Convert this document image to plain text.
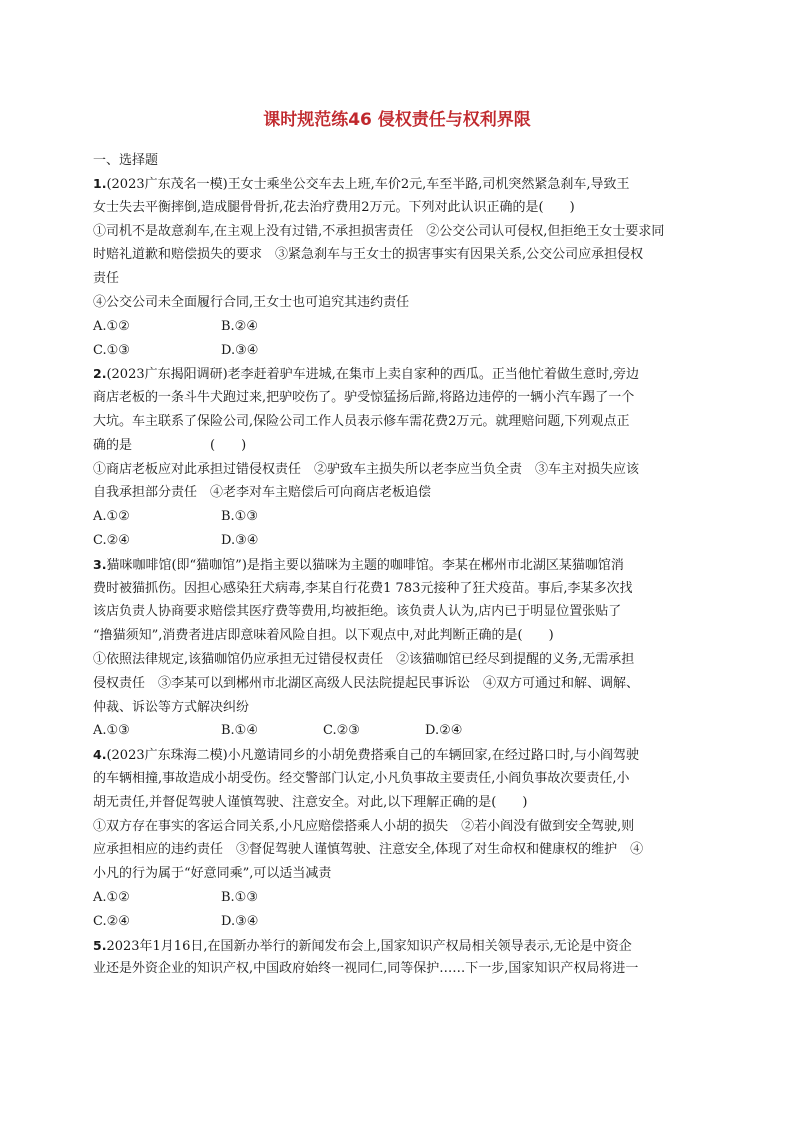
课时规范练46 侵权责任与权利界限
一、选择题
1.(2023广东茂名一模)王女士乘坐公交车去上班,车价2元,车至半路,司机突然紧急刹车,导致王
女士失去平衡摔倒,造成腿骨骨折,花去治疗费用2万元。下列对此认识正确的是(　　)
①司机不是故意刹车,在主观上没有过错,不承担损害责任　②公交公司认可侵权,但拒绝王女士要求同
时赔礼道歉和赔偿损失的要求　③紧急刹车与王女士的损害事实有因果关系,公交公司应承担侵权
责任
④公交公司未全面履行合同,王女士也可追究其违约责任
A.①②	B.②④
C.①③	D.③④
2.(2023广东揭阳调研)老李赶着驴车进城,在集市上卖自家种的西瓜。正当他忙着做生意时,旁边
商店老板的一条斗牛犬跑过来,把驴咬伤了。驴受惊猛扬后蹄,将路边违停的一辆小汽车踢了一个
大坑。车主联系了保险公司,保险公司工作人员表示修车需花费2万元。就理赔问题,下列观点正
确的是　　　　　　(　　)
①商店老板应对此承担过错侵权责任　②驴致车主损失所以老李应当负全责　③车主对损失应该
自我承担部分责任　④老李对车主赔偿后可向商店老板追偿
A.①②	B.①③
C.②④	D.③④
3.猫咪咖啡馆(即“猫咖馆”)是指主要以猫咪为主题的咖啡馆。李某在郴州市北湖区某猫咖馆消
费时被猫抓伤。因担心感染狂犬病毒,李某自行花费1 783元接种了狂犬疫苗。事后,李某多次找
该店负责人协商要求赔偿其医疗费等费用,均被拒绝。该负责人认为,店内已于明显位置张贴了
“撸猫须知”,消费者进店即意味着风险自担。以下观点中,对此判断正确的是(　　)
①依照法律规定,该猫咖馆仍应承担无过错侵权责任　②该猫咖馆已经尽到提醒的义务,无需承担
侵权责任　③李某可以到郴州市北湖区高级人民法院提起民事诉讼　④双方可通过和解、调解、
仲裁、诉讼等方式解决纠纷
A.①③	B.①④	C.②③	D.②④
4.(2023广东珠海二模)小凡邀请同乡的小胡免费搭乘自己的车辆回家,在经过路口时,与小阎驾驶
的车辆相撞,事故造成小胡受伤。经交警部门认定,小凡负事故主要责任,小阎负事故次要责任,小
胡无责任,并督促驾驶人谨慎驾驶、注意安全。对此,以下理解正确的是(　　)
①双方存在事实的客运合同关系,小凡应赔偿搭乘人小胡的损失　②若小阎没有做到安全驾驶,则
应承担相应的违约责任　③督促驾驶人谨慎驾驶、注意安全,体现了对生命权和健康权的维护　④
小凡的行为属于“好意同乘”,可以适当减责
A.①②	B.①③
C.②④	D.③④
5.2023年1月16日,在国新办举行的新闻发布会上,国家知识产权局相关领导表示,无论是中资企
业还是外资企业的知识产权,中国政府始终一视同仁,同等保护……下一步,国家知识产权局将进一
